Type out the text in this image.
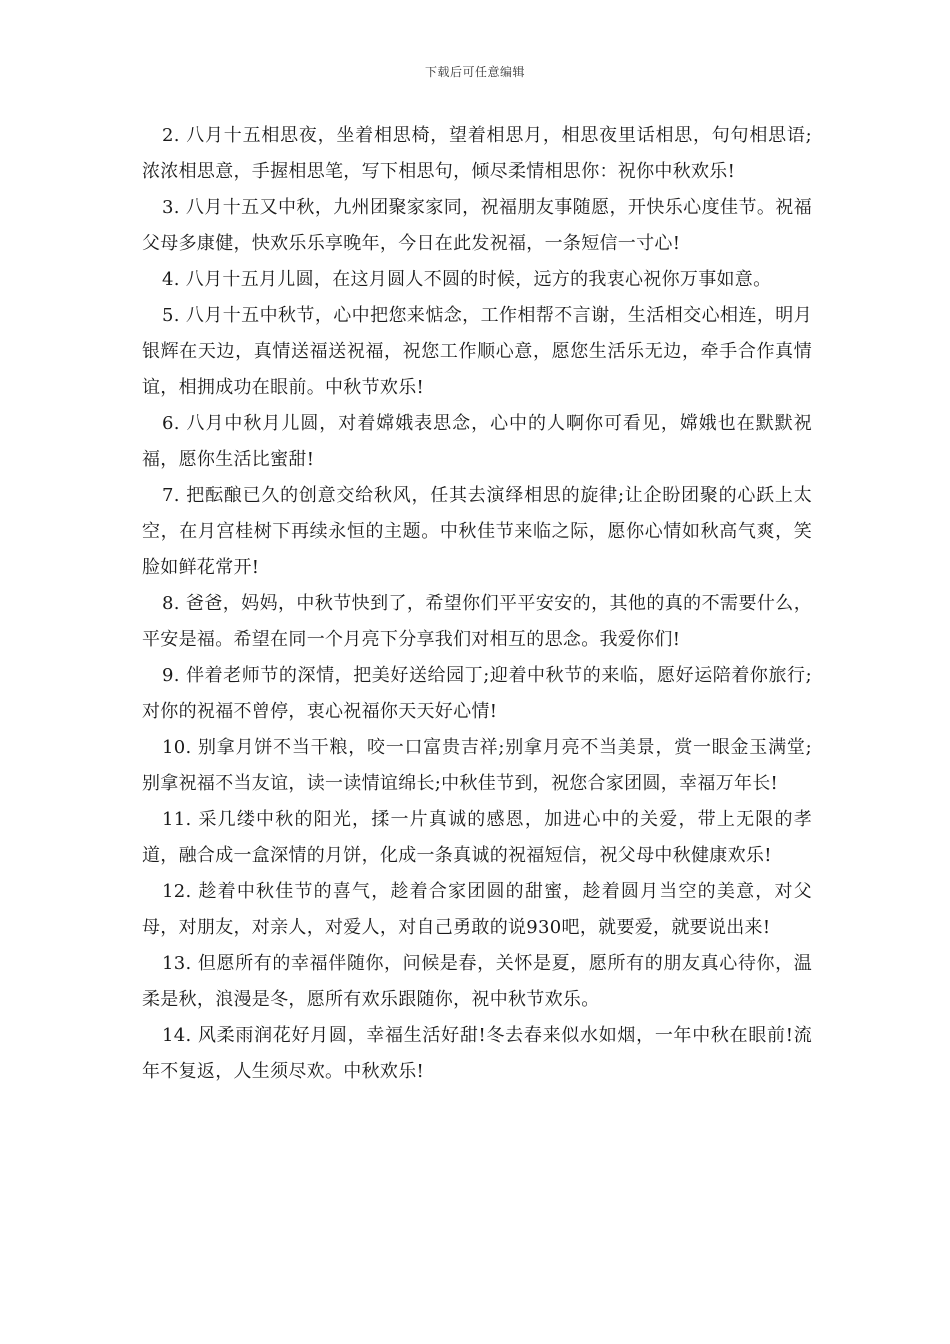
下载后可任意编辑

2. 八月十五相思夜，坐着相思椅，望着相思月，相思夜里话相思，句句相思语;浓浓相思意，手握相思笔，写下相思句，倾尽柔情相思你：祝你中秋欢乐!

3. 八月十五又中秋，九州团聚家家同，祝福朋友事随愿，开快乐心度佳节。祝福父母多康健，快欢乐乐享晚年，今日在此发祝福，一条短信一寸心!

4. 八月十五月儿圆，在这月圆人不圆的时候，远方的我衷心祝你万事如意。

5. 八月十五中秋节，心中把您来惦念，工作相帮不言谢，生活相交心相连，明月银辉在天边，真情送福送祝福，祝您工作顺心意，愿您生活乐无边，牵手合作真情谊，相拥成功在眼前。中秋节欢乐!

6. 八月中秋月儿圆，对着嫦娥表思念，心中的人啊你可看见，嫦娥也在默默祝福，愿你生活比蜜甜!

7. 把酝酿已久的创意交给秋风，任其去演绎相思的旋律;让企盼团聚的心跃上太空，在月宫桂树下再续永恒的主题。中秋佳节来临之际，愿你心情如秋高气爽，笑脸如鲜花常开!

8. 爸爸，妈妈，中秋节快到了，希望你们平平安安的，其他的真的不需要什么，平安是福。希望在同一个月亮下分享我们对相互的思念。我爱你们!

9. 伴着老师节的深情，把美好送给园丁;迎着中秋节的来临，愿好运陪着你旅行;对你的祝福不曾停，衷心祝福你天天好心情!

10. 别拿月饼不当干粮，咬一口富贵吉祥;别拿月亮不当美景，赏一眼金玉满堂;别拿祝福不当友谊，读一读情谊绵长;中秋佳节到，祝您合家团圆，幸福万年长!

11. 采几缕中秋的阳光，揉一片真诚的感恩，加进心中的关爱，带上无限的孝道，融合成一盒深情的月饼，化成一条真诚的祝福短信，祝父母中秋健康欢乐!

12. 趁着中秋佳节的喜气，趁着合家团圆的甜蜜，趁着圆月当空的美意，对父母，对朋友，对亲人，对爱人，对自己勇敢的说930吧，就要爱，就要说出来!

13. 但愿所有的幸福伴随你，问候是春，关怀是夏，愿所有的朋友真心待你，温柔是秋，浪漫是冬，愿所有欢乐跟随你，祝中秋节欢乐。

14. 风柔雨润花好月圆，幸福生活好甜!冬去春来似水如烟，一年中秋在眼前!流年不复返，人生须尽欢。中秋欢乐!
